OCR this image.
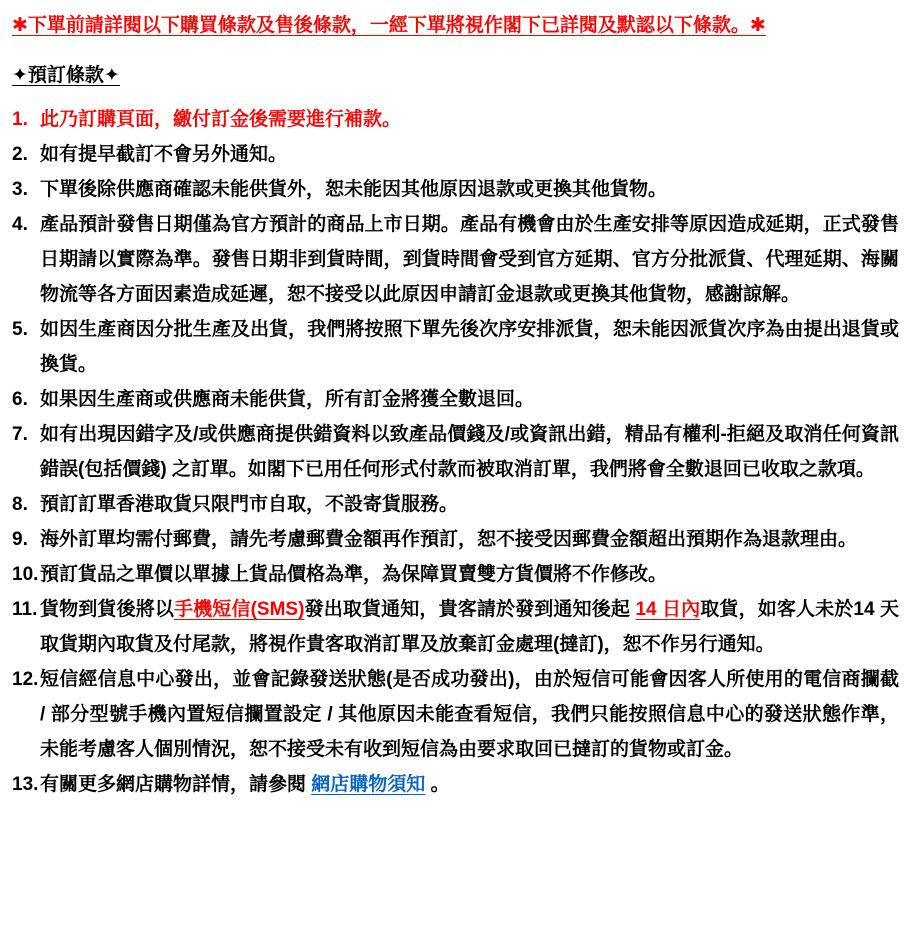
✱下單前請詳閱以下購買條款及售後條款，一經下單將視作閣下已詳閱及默認以下條款。✱
✦預訂條款✦
1. 此乃訂購頁面，繳付訂金後需要進行補款。
2. 如有提早截訂不會另外通知。
3. 下單後除供應商確認未能供貨外，恕未能因其他原因退款或更換其他貨物。
4. 產品預計發售日期僅為官方預計的商品上市日期。產品有機會由於生產安排等原因造成延期，正式發售日期請以實際為準。發售日期非到貨時間，到貨時間會受到官方延期、官方分批派貨、代理延期、海關物流等各方面因素造成延遲，恕不接受以此原因申請訂金退款或更換其他貨物，感謝諒解。
5. 如因生產商因分批生產及出貨，我們將按照下單先後次序安排派貨，恕未能因派貨次序為由提出退貨或換貨。
6. 如果因生產商或供應商未能供貨，所有訂金將獲全數退回。
7. 如有出現因錯字及/或供應商提供錯資料以致產品價錢及/或資訊出錯，精品有權利-拒絕及取消任何資訊錯誤(包括價錢) 之訂單。如閣下已用任何形式付款而被取消訂單，我們將會全數退回已收取之款項。
8. 預訂訂單香港取貨只限門市自取，不設寄貨服務。
9. 海外訂單均需付郵費，請先考慮郵費金額再作預訂，恕不接受因郵費金額超出預期作為退款理由。
10. 預訂貨品之單價以單據上貨品價格為準，為保障買賣雙方貨價將不作修改。
11. 貨物到貨後將以手機短信(SMS)發出取貨通知，貴客請於發到通知後起 14 日內取貨，如客人未於14 天取貨期內取貨及付尾款，將視作貴客取消訂單及放棄訂金處理(撻訂)，恕不作另行通知。
12. 短信經信息中心發出，並會記錄發送狀態(是否成功發出)，由於短信可能會因客人所使用的電信商攔截 / 部分型號手機內置短信攔置設定 / 其他原因未能查看短信，我們只能按照信息中心的發送狀態作準，未能考慮客人個別情況，恕不接受未有收到短信為由要求取回已撻訂的貨物或訂金。
13. 有關更多網店購物詳情，請參閱 網店購物須知 。
